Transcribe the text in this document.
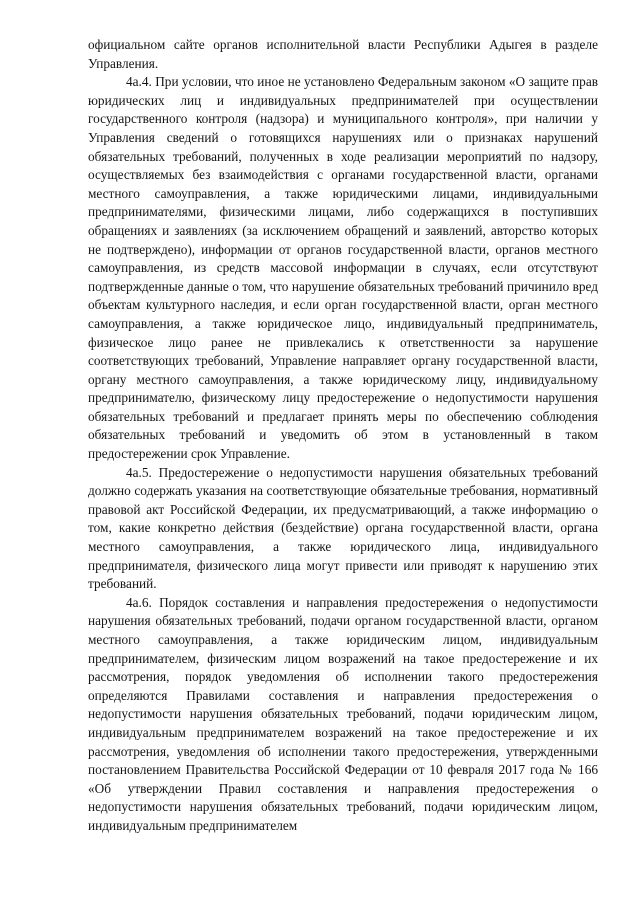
официальном сайте органов исполнительной власти Республики Адыгея в разделе Управления.

4а.4. При условии, что иное не установлено Федеральным законом «О защите прав юридических лиц и индивидуальных предпринимателей при осуществлении государственного контроля (надзора) и муниципального контроля», при наличии у Управления сведений о готовящихся нарушениях или о признаках нарушений обязательных требований, полученных в ходе реализации мероприятий по надзору, осуществляемых без взаимодействия с органами государственной власти, органами местного самоуправления, а также юридическими лицами, индивидуальными предпринимателями, физическими лицами, либо содержащихся в поступивших обращениях и заявлениях (за исключением обращений и заявлений, авторство которых не подтверждено), информации от органов государственной власти, органов местного самоуправления, из средств массовой информации в случаях, если отсутствуют подтвержденные данные о том, что нарушение обязательных требований причинило вред объектам культурного наследия, и если орган государственной власти, орган местного самоуправления, а также юридическое лицо, индивидуальный предприниматель, физическое лицо ранее не привлекались к ответственности за нарушение соответствующих требований, Управление направляет органу государственной власти, органу местного самоуправления, а также юридическому лицу, индивидуальному предпринимателю, физическому лицу предостережение о недопустимости нарушения обязательных требований и предлагает принять меры по обеспечению соблюдения обязательных требований и уведомить об этом в установленный в таком предостережении срок Управление.

4а.5. Предостережение о недопустимости нарушения обязательных требований должно содержать указания на соответствующие обязательные требования, нормативный правовой акт Российской Федерации, их предусматривающий, а также информацию о том, какие конкретно действия (бездействие) органа государственной власти, органа местного самоуправления, а также юридического лица, индивидуального предпринимателя, физического лица могут привести или приводят к нарушению этих требований.

4а.6. Порядок составления и направления предостережения о недопустимости нарушения обязательных требований, подачи органом государственной власти, органом местного самоуправления, а также юридическим лицом, индивидуальным предпринимателем, физическим лицом возражений на такое предостережение и их рассмотрения, порядок уведомления об исполнении такого предостережения определяются Правилами составления и направления предостережения о недопустимости нарушения обязательных требований, подачи юридическим лицом, индивидуальным предпринимателем возражений на такое предостережение и их рассмотрения, уведомления об исполнении такого предостережения, утвержденными постановлением Правительства Российской Федерации от 10 февраля 2017 года № 166 «Об утверждении Правил составления и направления предостережения о недопустимости нарушения обязательных требований, подачи юридическим лицом, индивидуальным предпринимателем
